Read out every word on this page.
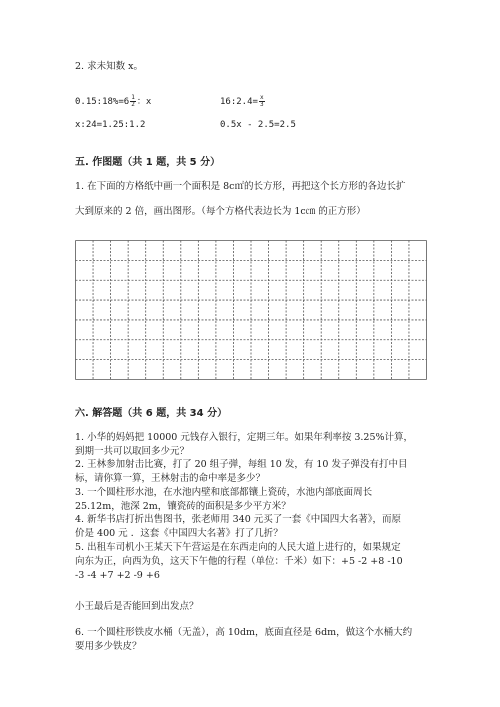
2. 求未知数 x。
0.15:18%=6 $\frac{1}{2}$ ：x	16:2.4= $\frac{x}{3}$
x:24=1.25:1.2	0.5x - 2.5=2.5
五. 作图题（共 1 题，共 5 分）
1. 在下面的方格纸中画一个面积是 8c㎡的长方形，再把这个长方形的各边长扩
大到原来的 2 倍，画出图形。（每个方格代表边长为 1c㎝ 的正方形）
六. 解答题（共 6 题，共 34 分）
1. 小华的妈妈把 10000 元钱存入银行，定期三年。如果年利率按 3.25%计算，
到期一共可以取回多少元？
2. 王林参加射击比赛，打了 20 组子弹，每组 10 发，有 10 发子弹没有打中目
标，请你算一算，王林射击的命中率是多少？
3. 一个圆柱形水池，在水池内壁和底部都镶上瓷砖，水池内部底面周长
25.12m，池深 2m，镶瓷砖的面积是多少平方米？
4. 新华书店打折出售图书，张老师用 340 元买了一套《中国四大名著》，而原
价是 400 元 ．这套《中国四大名著》打了几折？
5. 出租车司机小王某天下午营运是在东西走向的人民大道上进行的，如果规定
向东为正，向西为负，这天下午他的行程（单位：千米）如下：+5 -2 +8 -10
-3 -4 +7 +2 -9 +6
小王最后是否能回到出发点？
6. 一个圆柱形铁皮水桶（无盖），高 10dm，底面直径是 6dm，做这个水桶大约
要用多少铁皮？
